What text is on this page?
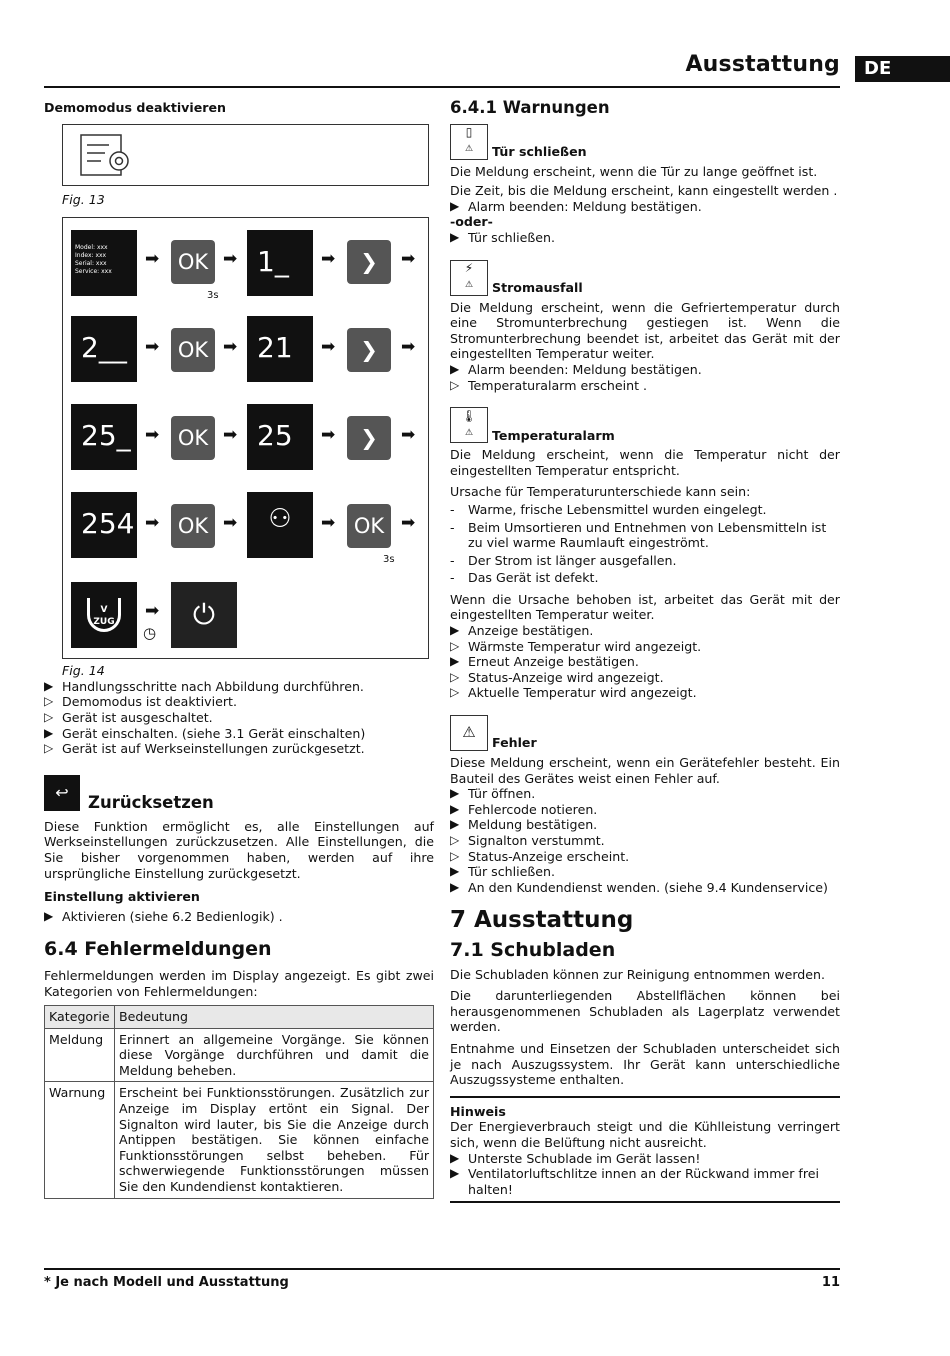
Ausstattung	DE
Demomodus deaktivieren
Fig. 13
Model: xxx
Index: xxx
Serial: xxx
Service: xxx
➡ OK
3s
➡ 1_	➡	❯	➡
2__	➡ OK ➡ 21	➡	❯	➡
25_ ➡ OK ➡ 25	➡	❯	➡
254 ➡ OK ➡	⚇	➡ OK
3s
➡
V ZUG
➡
◷
⏻
Fig. 14
▶ Handlungsschritte nach Abbildung durchführen.
▷ Demomodus ist deaktiviert.
▷ Gerät ist ausgeschaltet.
▶ Gerät einschalten. (siehe 3.1 Gerät einschalten)
▷ Gerät ist auf Werkseinstellungen zurückgesetzt.
↩
Zurücksetzen

Diese Funktion ermöglicht es, alle Einstellungen auf Werkseinstellungen zurückzusetzen. Alle Einstellungen, die Sie bisher vorgenommen haben, werden auf ihre ursprüngliche Einstellung zurückgesetzt.

Einstellung aktivieren
▶ Aktivieren (siehe 6.2 Bedienlogik) .
6.4 Fehlermeldungen

Fehlermeldungen werden im Display angezeigt. Es gibt zwei Kategorien von Fehlermeldungen:

Kategorie	Bedeutung
Meldung	Erinnert an allgemeine Vorgänge. Sie können diese Vorgänge durchführen und damit die Meldung beheben.
Warnung	Erscheint bei Funktionsstörungen. Zusätzlich zur Anzeige im Display ertönt ein Signal. Der Signalton wird lauter, bis Sie die Anzeige durch Antippen bestätigen. Sie können einfache Funktionsstörungen selbst beheben. Für schwerwiegende Funktionsstörungen müssen Sie den Kundendienst kontaktieren.
6.4.1 Warnungen
▯
⚠ Tür schließen

Die Meldung erscheint, wenn die Tür zu lange geöffnet ist.

Die Zeit, bis die Meldung erscheint, kann eingestellt werden .

▶ Alarm beenden: Meldung bestätigen.
-oder-
▶ Tür schließen.
⚡
⚠ Stromausfall

Die Meldung erscheint, wenn die Gefriertemperatur durch eine Stromunterbrechung gestiegen ist. Wenn die Stromunterbrechung beendet ist, arbeitet das Gerät mit der eingestellten Temperatur weiter.

▶ Alarm beenden: Meldung bestätigen.
▷ Temperaturalarm erscheint .
🌡
⚠ Temperaturalarm

Die Meldung erscheint, wenn die Temperatur nicht der eingestellten Temperatur entspricht.

Ursache für Temperaturunterschiede kann sein:

-	Warme, frische Lebensmittel wurden eingelegt.
-	Beim Umsortieren und Entnehmen von Lebensmitteln ist zu viel warme Raumlauft eingeströmt.
-	Der Strom ist länger ausgefallen.
-	Das Gerät ist defekt.

Wenn die Ursache behoben ist, arbeitet das Gerät mit der eingestellten Temperatur weiter.

▶ Anzeige bestätigen.
▷ Wärmste Temperatur wird angezeigt.
▶ Erneut Anzeige bestätigen.
▷ Status-Anzeige wird angezeigt.
▷ Aktuelle Temperatur wird angezeigt.
⚠
Fehler

Diese Meldung erscheint, wenn ein Gerätefehler besteht. Ein Bauteil des Gerätes weist einen Fehler auf.

▶ Tür öffnen.
▶ Fehlercode notieren.
▶ Meldung bestätigen.
▷ Signalton verstummt.
▷ Status-Anzeige erscheint.
▶ Tür schließen.
▶ An den Kundendienst wenden. (siehe 9.4 Kundenservice)
7 Ausstattung
7.1 Schubladen

Die Schubladen können zur Reinigung entnommen werden.

Die darunterliegenden Abstellflächen können bei herausgenommenen Schubladen als Lagerplatz verwendet werden.

Entnahme und Einsetzen der Schubladen unterscheidet sich je nach Auszugssystem. Ihr Gerät kann unterschiedliche Auszugssysteme enthalten.

Hinweis

Der Energieverbrauch steigt und die Kühlleistung verringert sich, wenn die Belüftung nicht ausreicht.

▶ Unterste Schublade im Gerät lassen!
▶ Ventilatorluftschlitze innen an der Rückwand immer frei halten!
* Je nach Modell und Ausstattung	11
